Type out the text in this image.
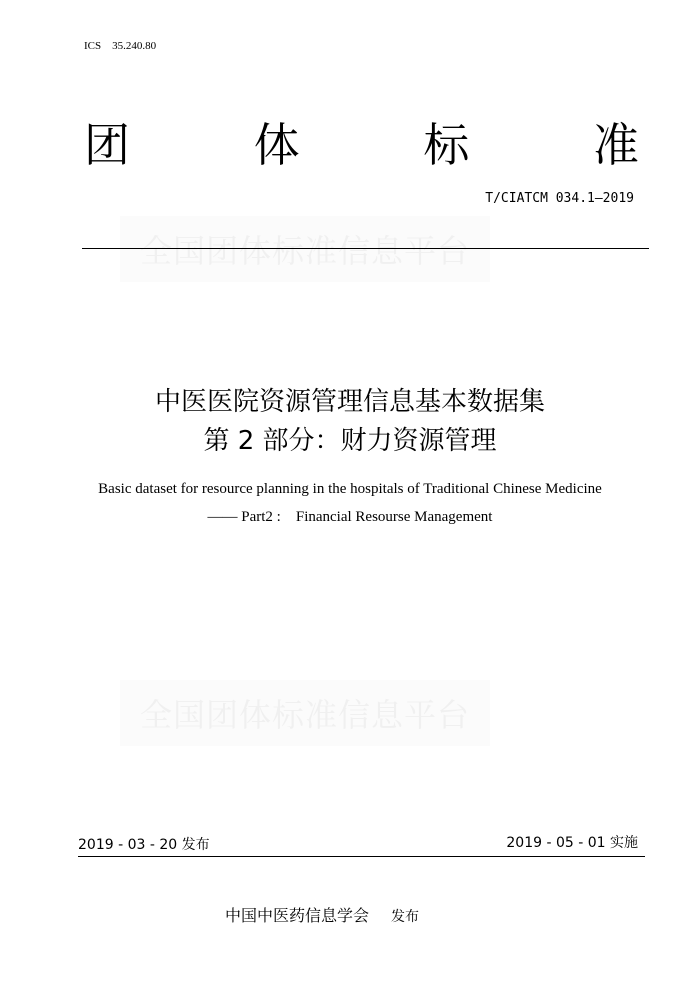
ICS　35.240.80
团	体	标	准
T/CIATCM 034.1—2019
全国团体标准信息平台
中医医院资源管理信息基本数据集
第 2 部分：财力资源管理
Basic dataset for resource planning in the hospitals of Traditional Chinese Medicine
—— Part2 :　Financial Resourse Management
全国团体标准信息平台
2019 - 03 - 20 发布	2019 - 05 - 01 实施
中国中医药信息学会 发布
